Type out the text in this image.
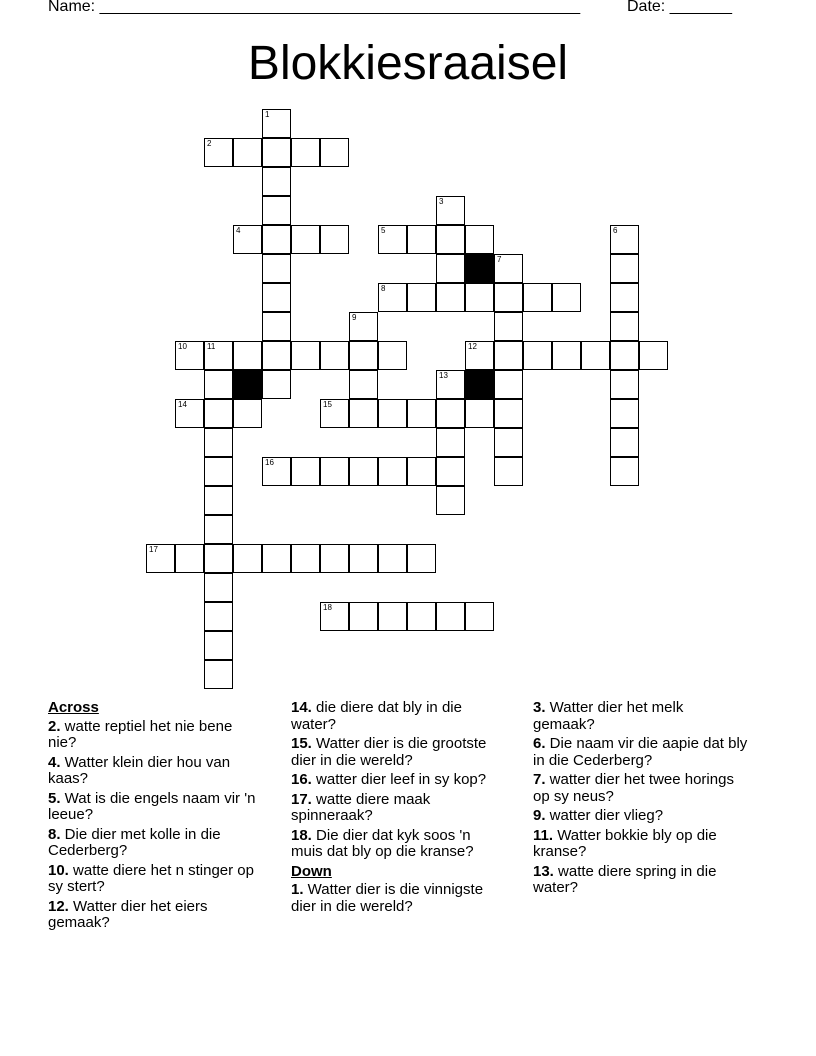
Name: ______________________________________________________	Date: _______
Blokkiesraaisel
1
2
3
4	5	6
7
8
9
10	11	12
13
14	15
16
17
18
Across
2. watte reptiel het nie bene nie?
4. Watter klein dier hou van kaas?
5. Wat is die engels naam vir 'n leeue?
8. Die dier met kolle in die Cederberg?
10. watte diere het n stinger op sy stert?
12. Watter dier het eiers gemaak?
14. die diere dat bly in die water?
15. Watter dier is die grootste dier in die wereld?
16. watter dier leef in sy kop?
17. watte diere maak spinneraak?
18. Die dier dat kyk soos 'n muis dat bly op die kranse?
Down
1. Watter dier is die vinnigste dier in die wereld?
3. Watter dier het melk gemaak?
6. Die naam vir die aapie dat bly in die Cederberg?
7. watter dier het twee horings op sy neus?
9. watter dier vlieg?
11. Watter bokkie bly op die kranse?
13. watte diere spring in die water?
